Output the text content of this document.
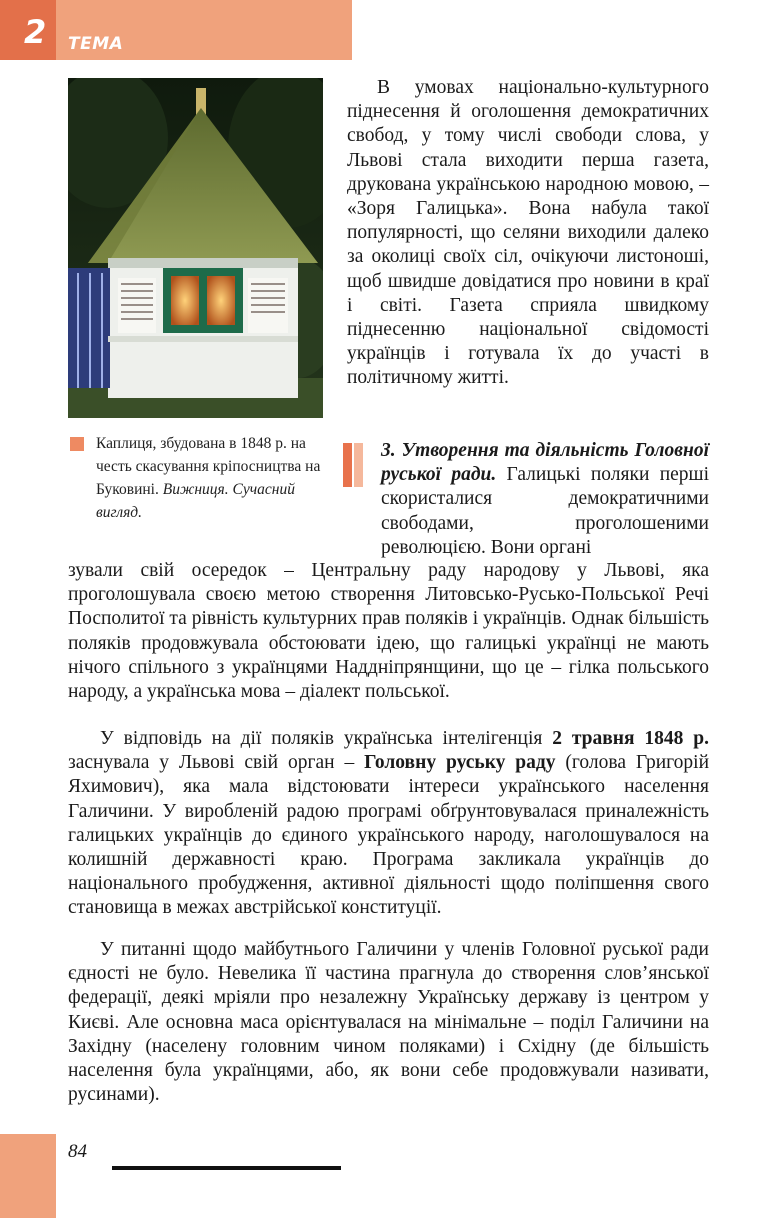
2 ТЕМА
Каплиця, збудована в 1848 р. на честь скасування кріпосництва на Буковині. Вижниця. Сучасний вигляд.
В умовах національно-культурного піднесення й оголошення демократичних свобод, у тому числі свободи слова, у Львові стала виходити перша газета, друкована українською народною мовою, – «Зоря Галицька». Вона набула такої популярності, що селяни виходили далеко за околиці своїх сіл, очікуючи листоноші, щоб швидше довідатися про новини в краї і світі. Газета сприяла швидкому піднесенню національної свідомості українців і готувала їх до участі в політичному житті.
3. Утворення та діяльність Головної руської ради. Галицькі поляки перші скористалися демократичними свободами, проголошеними революцією. Вони органі
зували свій осередок – Центральну раду народову у Львові, яка проголошувала своєю метою створення Литовсько-Русько-Польської Речі Посполитої та рівність культурних прав поляків і українців. Однак більшість поляків продовжувала обстоювати ідею, що галицькі українці не мають нічого спільного з українцями Наддніпрянщини, що це – гілка польського народу, а українська мова – діалект польської.
У відповідь на дії поляків українська інтелігенція 2 травня 1848 р. заснувала у Львові свій орган – Головну руську раду (голова Григорій Яхимович), яка мала відстоювати інтереси українського населення Галичини. У виробленій радою програмі обґрунтовувалася приналежність галицьких українців до єдиного українського народу, наголошувалося на колишній державності краю. Програма закликала українців до національного пробудження, активної діяльності щодо поліпшення свого становища в межах австрійської конституції.
У питанні щодо майбутнього Галичини у членів Головної руської ради єдності не було. Невелика її частина прагнула до створення слов’янської федерації, деякі мріяли про незалежну Українську державу із центром у Києві. Але основна маса орієнтувалася на мінімальне – поділ Галичини на Західну (населену головним чином поляками) і Східну (де більшість населення була українцями, або, як вони себе продовжували називати, русинами).
84
